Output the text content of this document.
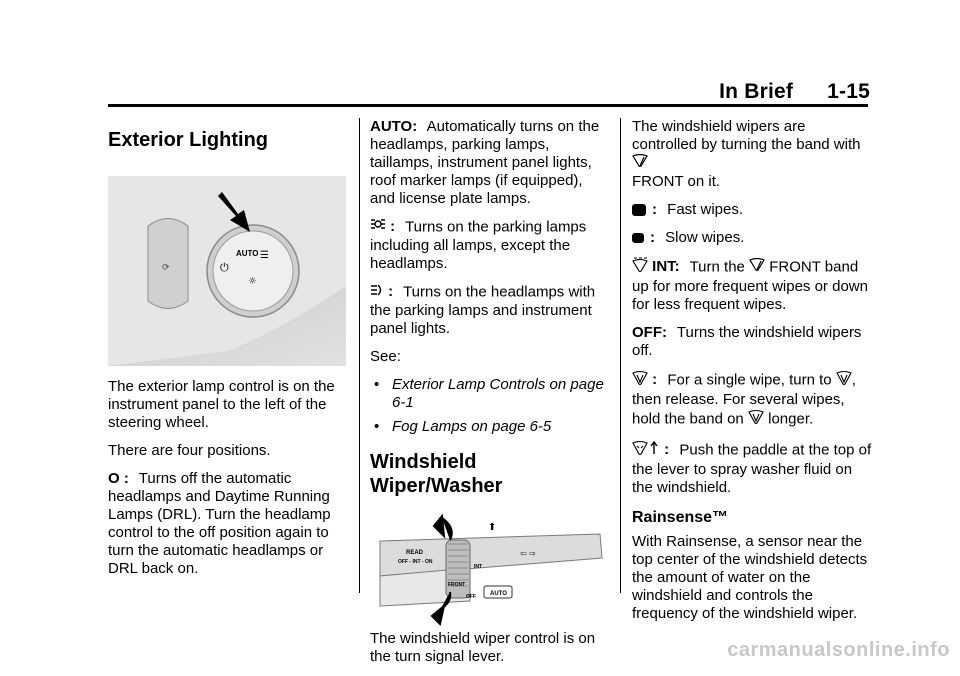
In Brief 1-15
Exterior Lighting
⟳
AUTO
⏻
☰
☼

The exterior lamp control is on the instrument panel to the left of the steering wheel.

There are four positions.

O : Turns off the automatic headlamps and Daytime Running Lamps (DRL). Turn the headlamp control to the off position again to turn the automatic headlamps or DRL back on.

AUTO: Automatically turns on the headlamps, parking lamps, taillamps, instrument panel lights, roof marker lamps (if equipped), and license plate lamps.

: Turns on the parking lamps including all lamps, except the headlamps.

: Turns on the headlamps with the parking lamps and instrument panel lights.

See:

• Exterior Lamp Controls on page 6-1
• Fog Lamps on page 6-5
Windshield Wiper/Washer
READ
OFF - INT - ON
FRONT
INT
OFF AUTO
⬆
⇦ ⇨

The windshield wiper control is on the turn signal lever.

The windshield wipers are controlled by turning the band with
FRONT on it.

: Fast wipes.

: Slow wipes.

INT: Turn the FRONT band up for more frequent wipes or down for less frequent wipes.

OFF: Turns the windshield wipers off.

: For a single wipe, turn to , then release. For several wipes, hold the band on longer.

: Push the paddle at the top of the lever to spray washer fluid on the windshield.

Rainsense™

With Rainsense, a sensor near the top center of the windshield detects the amount of water on the windshield and controls the frequency of the windshield wiper.

carmanualsonline.info
